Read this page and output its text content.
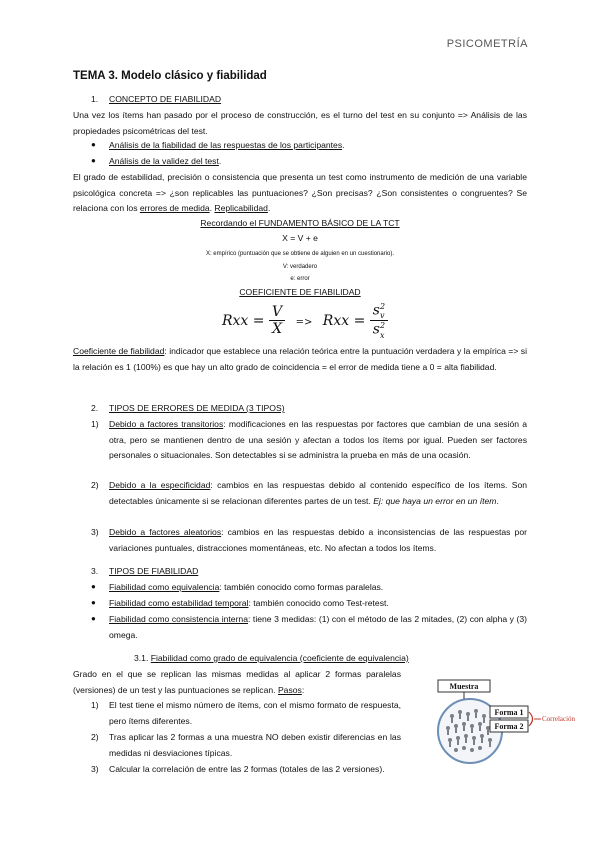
PSICOMETRÍA
TEMA 3. Modelo clásico y fiabilidad
1. CONCEPTO DE FIABILIDAD
Una vez los ítems han pasado por el proceso de construcción, es el turno del test en su conjunto => Análisis de las propiedades psicométricas del test.
● Análisis de la fiabilidad de las respuestas de los participantes.
● Análisis de la validez del test.
El grado de estabilidad, precisión o consistencia que presenta un test como instrumento de medición de una variable psicológica concreta => ¿son replicables las puntuaciones? ¿Son precisas? ¿Son consistentes o congruentes? Se relaciona con los errores de medida. Replicabilidad.
Recordando el FUNDAMENTO BÁSICO DE LA TCT
X = V + e
X: empírico (puntuación que se obtiene de alguien en un cuestionario).
V: verdadero
e: error
COEFICIENTE DE FIABILIDAD
Rxx = $\frac{V}{X}$ => Rxx = $\frac{s^2_v}{s^2_x}$
Coeficiente de fiabilidad: indicador que establece una relación teórica entre la puntuación verdadera y la empírica => si la relación es 1 (100%) es que hay un alto grado de coincidencia = el error de medida tiene a 0 = alta fiabilidad.
2. TIPOS DE ERRORES DE MEDIDA (3 TIPOS)
1) Debido a factores transitorios: modificaciones en las respuestas por factores que cambian de una sesión a otra, pero se mantienen dentro de una sesión y afectan a todos los ítems por igual. Pueden ser factores personales o situacionales. Son detectables si se administra la prueba en más de una ocasión.
2) Debido a la especificidad: cambios en las respuestas debido al contenido específico de los ítems. Son detectables únicamente si se relacionan diferentes partes de un test. Ej: que haya un error en un ítem.
3) Debido a factores aleatorios: cambios en las respuestas debido a inconsistencias de las respuestas por variaciones puntuales, distracciones momentáneas, etc. No afectan a todos los ítems.
3. TIPOS DE FIABILIDAD
● Fiabilidad como equivalencia: también conocido como formas paralelas.
● Fiabilidad como estabilidad temporal: también conocido como Test-retest.
● Fiabilidad como consistencia interna: tiene 3 medidas: (1) con el método de las 2 mitades, (2) con alpha y (3) omega.
3.1. Fiabilidad como grado de equivalencia (coeficiente de equivalencia)
Grado en el que se replican las mismas medidas al aplicar 2 formas paralelas (versiones) de un test y las puntuaciones se replican. Pasos:
1) El test tiene el mismo número de ítems, con el mismo formato de respuesta, pero ítems diferentes.
2) Tras aplicar las 2 formas a una muestra NO deben existir diferencias en las medidas ni desviaciones típicas.
3) Calcular la correlación de entre las 2 formas (totales de las 2 versiones).
Muestra
Forma 1
Forma 2
Correlación
